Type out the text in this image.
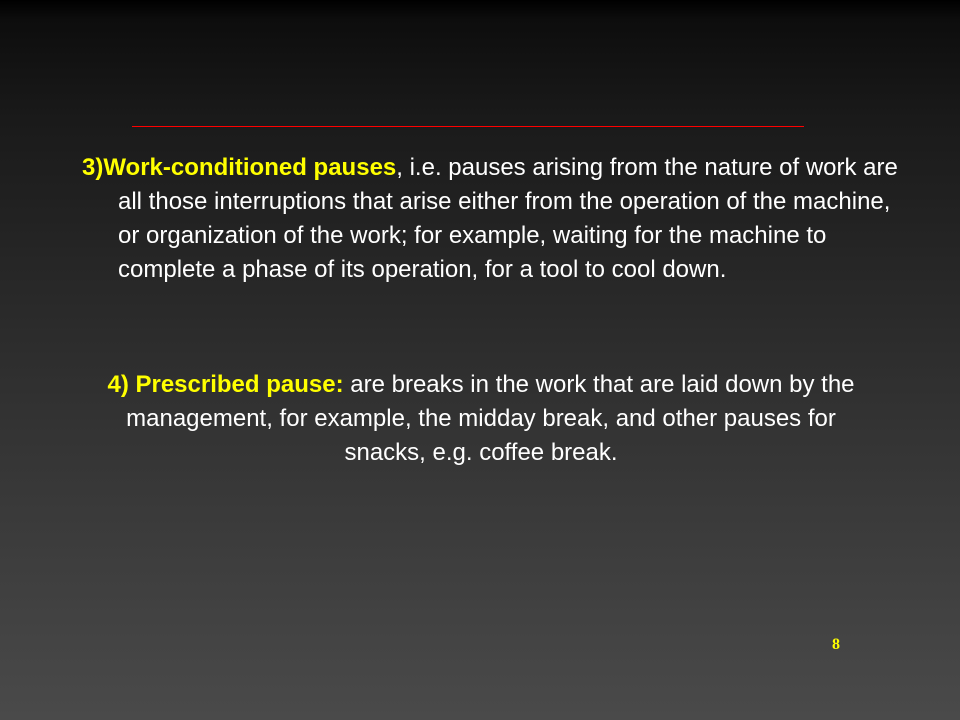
3)Work-conditioned pauses, i.e. pauses arising from the nature of work are all those interruptions that arise either from the operation of the machine, or organization of the work; for example, waiting for the machine to complete a phase of its operation, for a tool to cool down.

4) Prescribed pause: are breaks in the work that are laid down by the management, for example, the midday break, and other pauses for snacks, e.g. coffee break.

8
